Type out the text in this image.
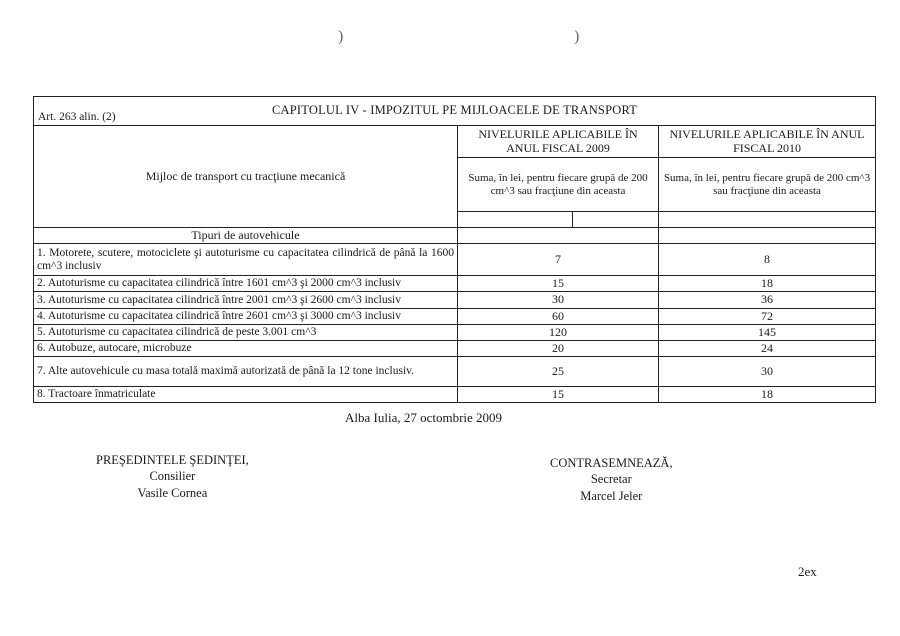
)	)
CAPITOLUL IV - IMPOZITUL PE MIJLOACELE DE TRANSPORT
Art. 263 alin. (2)		

Mijloc de transport cu tracţiune mecanică	NIVELURILE APLICABILE ÎN ANUL FISCAL 2009	NIVELURILE APLICABILE ÎN ANUL FISCAL 2010
	Suma, în lei, pentru fiecare grupă de 200 cm^3 sau fracţiune din aceasta	Suma, în lei, pentru fiecare grupă de 200 cm^3 sau fracţiune din aceasta

Tipuri de autovehicule		
1. Motorete, scutere, motociclete şi autoturisme cu capacitatea cilindrică de până la 1600 cm^3 inclusiv	7	8
2. Autoturisme cu capacitatea cilindrică între 1601 cm^3 şi 2000 cm^3 inclusiv	15	18
3. Autoturisme cu capacitatea cilindrică între 2001 cm^3 şi 2600 cm^3 inclusiv	30	36
4. Autoturisme cu capacitatea cilindrică între 2601 cm^3 şi 3000 cm^3 inclusiv	60	72
5. Autoturisme cu capacitatea cilindrică de peste 3.001 cm^3	120	145
6. Autobuze, autocare, microbuze	20	24
7. Alte autovehicule cu masa totală maximă autorizată de până la 12 tone inclusiv.	25	30
8. Tractoare înmatriculate	15	18
Alba Iulia, 27 octombrie 2009
PREŞEDINTELE ŞEDINŢEI,
Consilier
Vasile Cornea
CONTRASEMNEAZĂ,
Secretar
Marcel Jeler
2ex
